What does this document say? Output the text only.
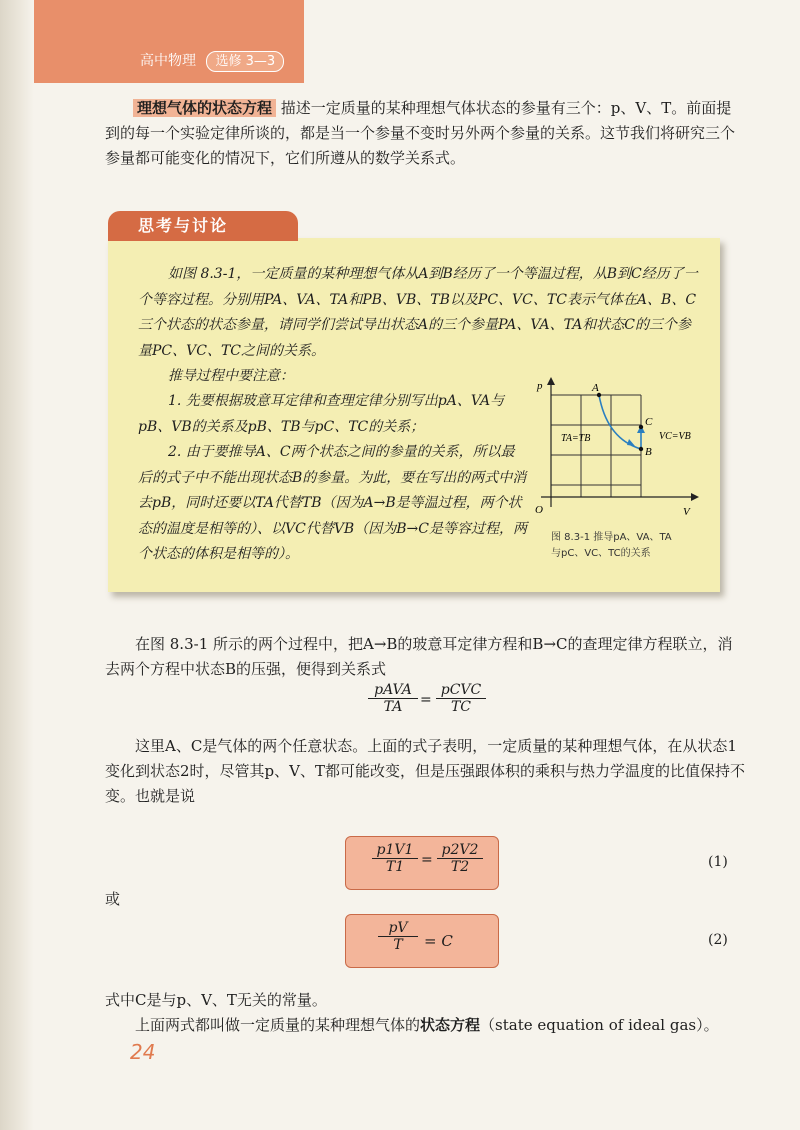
高中物理 选修 3—3

理想气体的状态方程 描述一定质量的某种理想气体状态的参量有三个：p、V、T。前面提到的每一个实验定律所谈的，都是当一个参量不变时另外两个参量的关系。这节我们将研究三个参量都可能变化的情况下，它们所遵从的数学关系式。

思考与讨论

如图 8.3-1，一定质量的某种理想气体从A到B经历了一个等温过程，从B到C经历了一个等容过程。分别用PA、VA、TA和PB、VB、TB以及PC、VC、TC表示气体在A、B、C三个状态的状态参量，请同学们尝试导出状态A的三个参量PA、VA、TA和状态C的三个参量PC、VC、TC之间的关系。

推导过程中要注意：

1. 先要根据玻意耳定律和查理定律分别写出pA、VA与pB、VB的关系及pB、TB与pC、TC的关系；

2. 由于要推导A、C两个状态之间的参量的关系，所以最后的式子中不能出现状态B的参量。为此，要在写出的两式中消去pB，同时还要以TA代替TB（因为A→B是等温过程，两个状态的温度是相等的）、以VC代替VB（因为B→C是等容过程，两个状态的体积是相等的）。

p
V
O
A
B
C
TA=TB	VC=VB
图 8.3-1 推导pA、VA、TA
与pC、VC、TC的关系

在图 8.3-1 所示的两个过程中，把A→B的玻意耳定律方程和B→C的查理定律方程联立，消去两个方程中状态B的压强，便得到关系式

pAVA
TA	=
pCVC
TC

这里A、C是气体的两个任意状态。上面的式子表明，一定质量的某种理想气体，在从状态1变化到状态2时，尽管其p、V、T都可能改变，但是压强跟体积的乘积与热力学温度的比值保持不变。也就是说

$\frac{p1V1}{T1} = \frac{p2V2}{T2}$	(1)
或
$\frac{pV}{T} = C$	(2)

式中C是与p、V、T无关的常量。

上面两式都叫做一定质量的某种理想气体的状态方程（state equation of ideal gas）。

24
